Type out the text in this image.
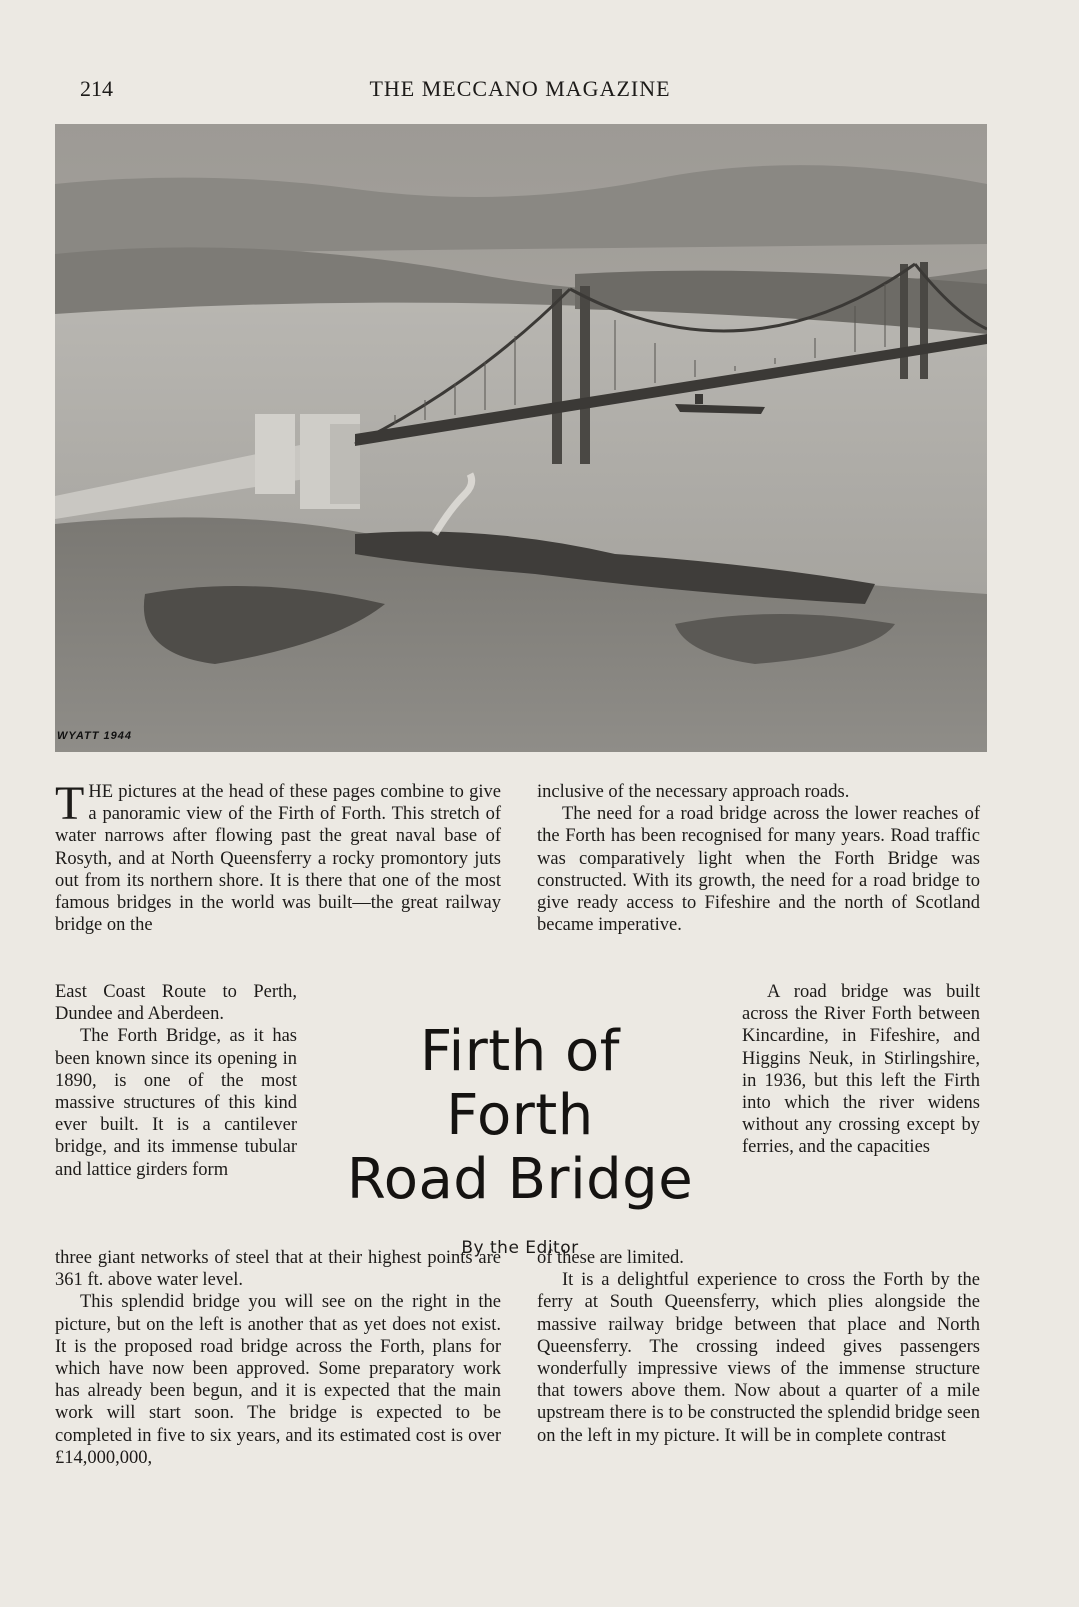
214	THE MECCANO MAGAZINE
WYATT 1944

THE pictures at the head of these pages combine to give a panoramic view of the Firth of Forth. This stretch of water narrows after flowing past the great naval base of Rosyth, and at North Queensferry a rocky promontory juts out from its northern shore. It is there that one of the most famous bridges in the world was built—the great railway bridge on the

East Coast Route to Perth, Dundee and Aberdeen.

The Forth Bridge, as it has been known since its opening in 1890, is one of the most massive structures of this kind ever built. It is a cantilever bridge, and its immense tubular and lattice girders form

three giant networks of steel that at their highest points are 361 ft. above water level.

This splendid bridge you will see on the right in the picture, but on the left is another that as yet does not exist. It is the proposed road bridge across the Forth, plans for which have now been approved. Some preparatory work has already been begun, and it is expected that the main work will start soon. The bridge is expected to be completed in five to six years, and its estimated cost is over £14,000,000,

Firth of Forth
Road Bridge
By the Editor

inclusive of the necessary approach roads.

The need for a road bridge across the lower reaches of the Forth has been recognised for many years. Road traffic was comparatively light when the Forth Bridge was constructed. With its growth, the need for a road bridge to give ready access to Fifeshire and the north of Scotland became imperative.

A road bridge was built across the River Forth between Kincardine, in Fifeshire, and Higgins Neuk, in Stirlingshire, in 1936, but this left the Firth into which the river widens without any crossing except by ferries, and the capacities

of these are limited.

It is a delightful experience to cross the Forth by the ferry at South Queensferry, which plies alongside the massive railway bridge between that place and North Queensferry. The crossing indeed gives passengers wonderfully impressive views of the immense structure that towers above them. Now about a quarter of a mile upstream there is to be constructed the splendid bridge seen on the left in my picture. It will be in complete contrast
